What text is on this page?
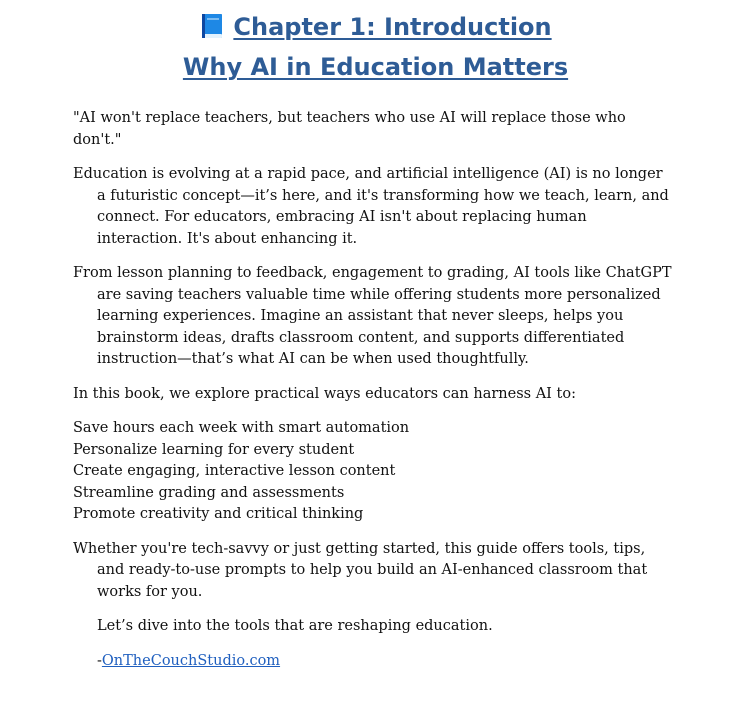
Chapter 1: Introduction
Why AI in Education Matters

"AI won't replace teachers, but teachers who use AI will replace those who don't."

Education is evolving at a rapid pace, and artificial intelligence (AI) is no longer a futuristic concept—it’s here, and it's transforming how we teach, learn, and connect. For educators, embracing AI isn't about replacing human interaction. It's about enhancing it.

From lesson planning to feedback, engagement to grading, AI tools like ChatGPT are saving teachers valuable time while offering students more personalized learning experiences. Imagine an assistant that never sleeps, helps you brainstorm ideas, drafts classroom content, and supports differentiated instruction—that’s what AI can be when used thoughtfully.

In this book, we explore practical ways educators can harness AI to:

Save hours each week with smart automation
Personalize learning for every student
Create engaging, interactive lesson content
Streamline grading and assessments
Promote creativity and critical thinking

Whether you're tech-savvy or just getting started, this guide offers tools, tips, and ready-to-use prompts to help you build an AI-enhanced classroom that works for you.

Let’s dive into the tools that are reshaping education.

-OnTheCouchStudio.com
